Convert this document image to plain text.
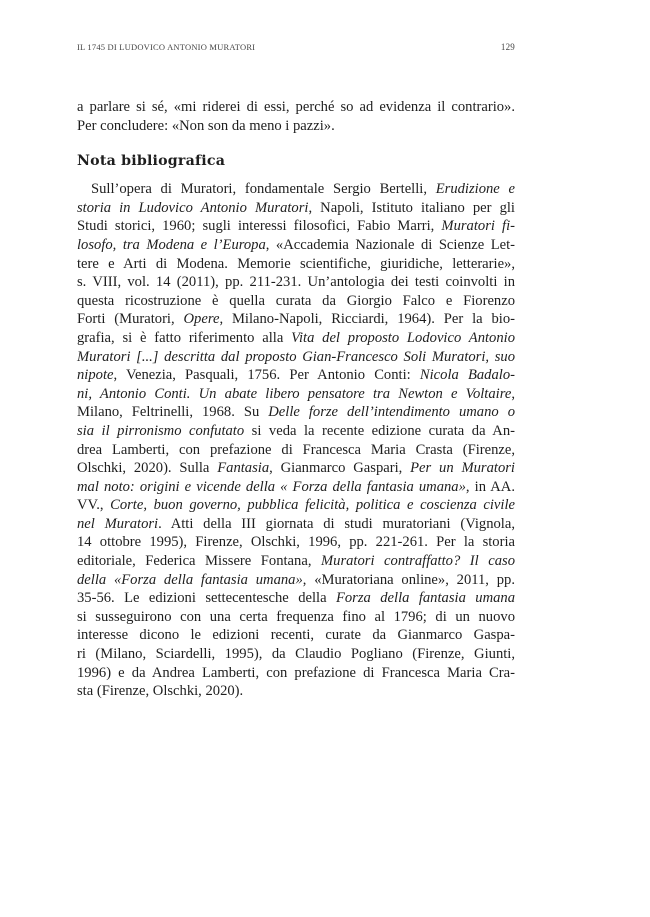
IL 1745 DI LUDOVICO ANTONIO MURATORI	129
a parlare si sé, «mi riderei di essi, perché so ad evidenza il contrario».
Per concludere: «Non son da meno i pazzi».
Nota bibliografica
Sull’opera di Muratori, fondamentale Sergio Bertelli, Erudizione e
storia in Ludovico Antonio Muratori, Napoli, Istituto italiano per gli
Studi storici, 1960; sugli interessi filosofici, Fabio Marri, Muratori fi-
losofo, tra Modena e l’Europa, «Accademia Nazionale di Scienze Let-
tere e Arti di Modena. Memorie scientifiche, giuridiche, letterarie»,
s. VIII, vol. 14 (2011), pp. 211-231. Un’antologia dei testi coinvolti in
questa ricostruzione è quella curata da Giorgio Falco e Fiorenzo
Forti (Muratori, Opere, Milano-Napoli, Ricciardi, 1964). Per la bio-
grafia, si è fatto riferimento alla Vita del proposto Lodovico Antonio
Muratori [...] descritta dal proposto Gian-Francesco Soli Muratori, suo
nipote, Venezia, Pasquali, 1756. Per Antonio Conti: Nicola Badalo-
ni, Antonio Conti. Un abate libero pensatore tra Newton e Voltaire,
Milano, Feltrinelli, 1968. Su Delle forze dell’intendimento umano o
sia il pirronismo confutato si veda la recente edizione curata da An-
drea Lamberti, con prefazione di Francesca Maria Crasta (Firenze,
Olschki, 2020). Sulla Fantasia, Gianmarco Gaspari, Per un Muratori
mal noto: origini e vicende della « Forza della fantasia umana», in AA.
VV., Corte, buon governo, pubblica felicità, politica e coscienza civile
nel Muratori. Atti della III giornata di studi muratoriani (Vignola,
14 ottobre 1995), Firenze, Olschki, 1996, pp. 221-261. Per la storia
editoriale, Federica Missere Fontana, Muratori contraffatto? Il caso
della «Forza della fantasia umana», «Muratoriana online», 2011, pp.
35-56. Le edizioni settecentesche della Forza della fantasia umana
si susseguirono con una certa frequenza fino al 1796; di un nuovo
interesse dicono le edizioni recenti, curate da Gianmarco Gaspa-
ri (Milano, Sciardelli, 1995), da Claudio Pogliano (Firenze, Giunti,
1996) e da Andrea Lamberti, con prefazione di Francesca Maria Cra-
sta (Firenze, Olschki, 2020).
